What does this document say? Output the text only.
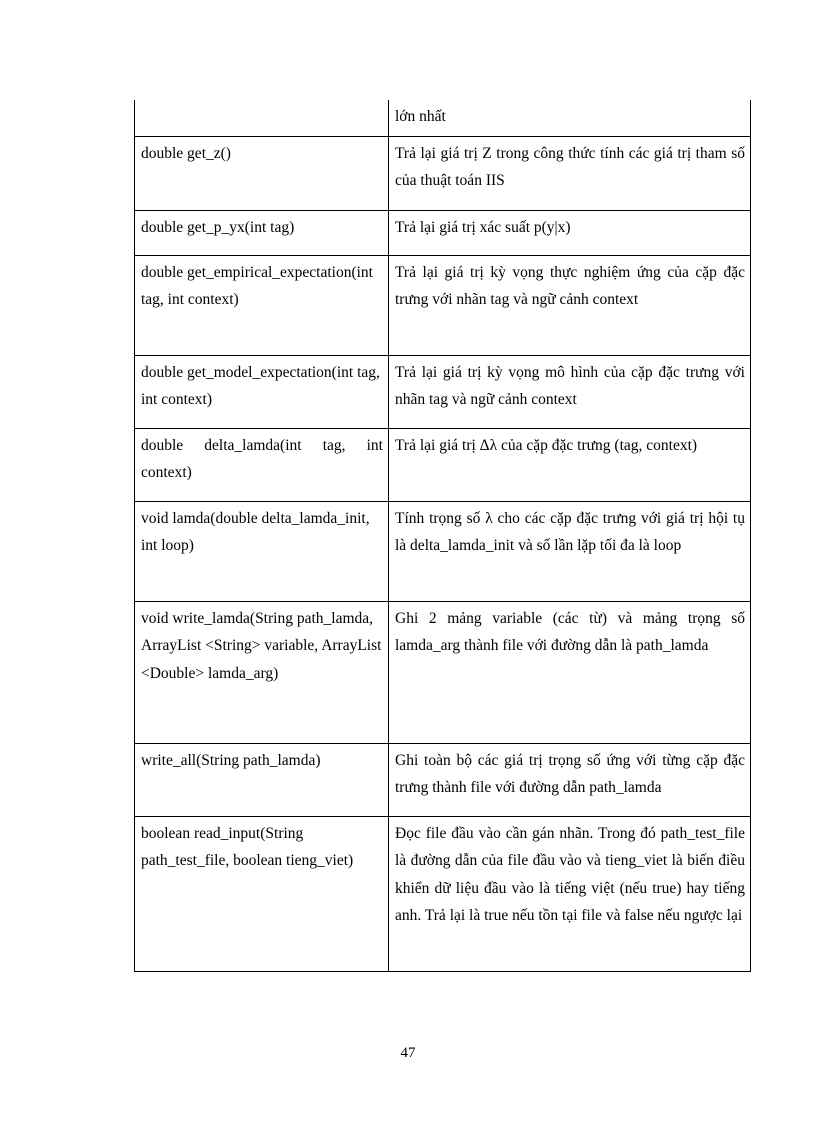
	lớn nhất
double get_z()	Trả lại giá trị Z trong công thức tính các giá trị tham số của thuật toán IIS
double get_p_yx(int tag)	Trả lại giá trị xác suất p(y|x)
double get_empirical_expectation(int tag, int context)	Trả lại giá trị kỳ vọng thực nghiệm ứng của cặp đặc trưng với nhãn tag và ngữ cảnh context
double get_model_expectation(int tag, int context)	Trả lại giá trị kỳ vọng mô hình của cặp đặc trưng với nhãn tag và ngữ cảnh context
double delta_lamda(int tag, int context)	Trả lại giá trị Δλ của cặp đặc trưng (tag, context)
void lamda(double delta_lamda_init, int loop)	Tính trọng số λ cho các cặp đặc trưng với giá trị hội tụ là delta_lamda_init và số lần lặp tối đa là loop
void write_lamda(String path_lamda, ArrayList <String> variable, ArrayList <Double> lamda_arg)	Ghi 2 mảng variable (các từ) và mảng trọng số lamda_arg thành file với đường dẫn là path_lamda
write_all(String path_lamda)	Ghi toàn bộ các giá trị trọng số ứng với từng cặp đặc trưng thành file với đường dẫn path_lamda
boolean read_input(String path_test_file, boolean tieng_viet)	Đọc file đầu vào cần gán nhãn. Trong đó path_test_file là đường dẫn của file đầu vào và tieng_viet là biến điều khiển dữ liệu đầu vào là tiếng việt (nếu true) hay tiếng anh. Trả lại là true nếu tồn tại file và false nếu ngược lại
47
